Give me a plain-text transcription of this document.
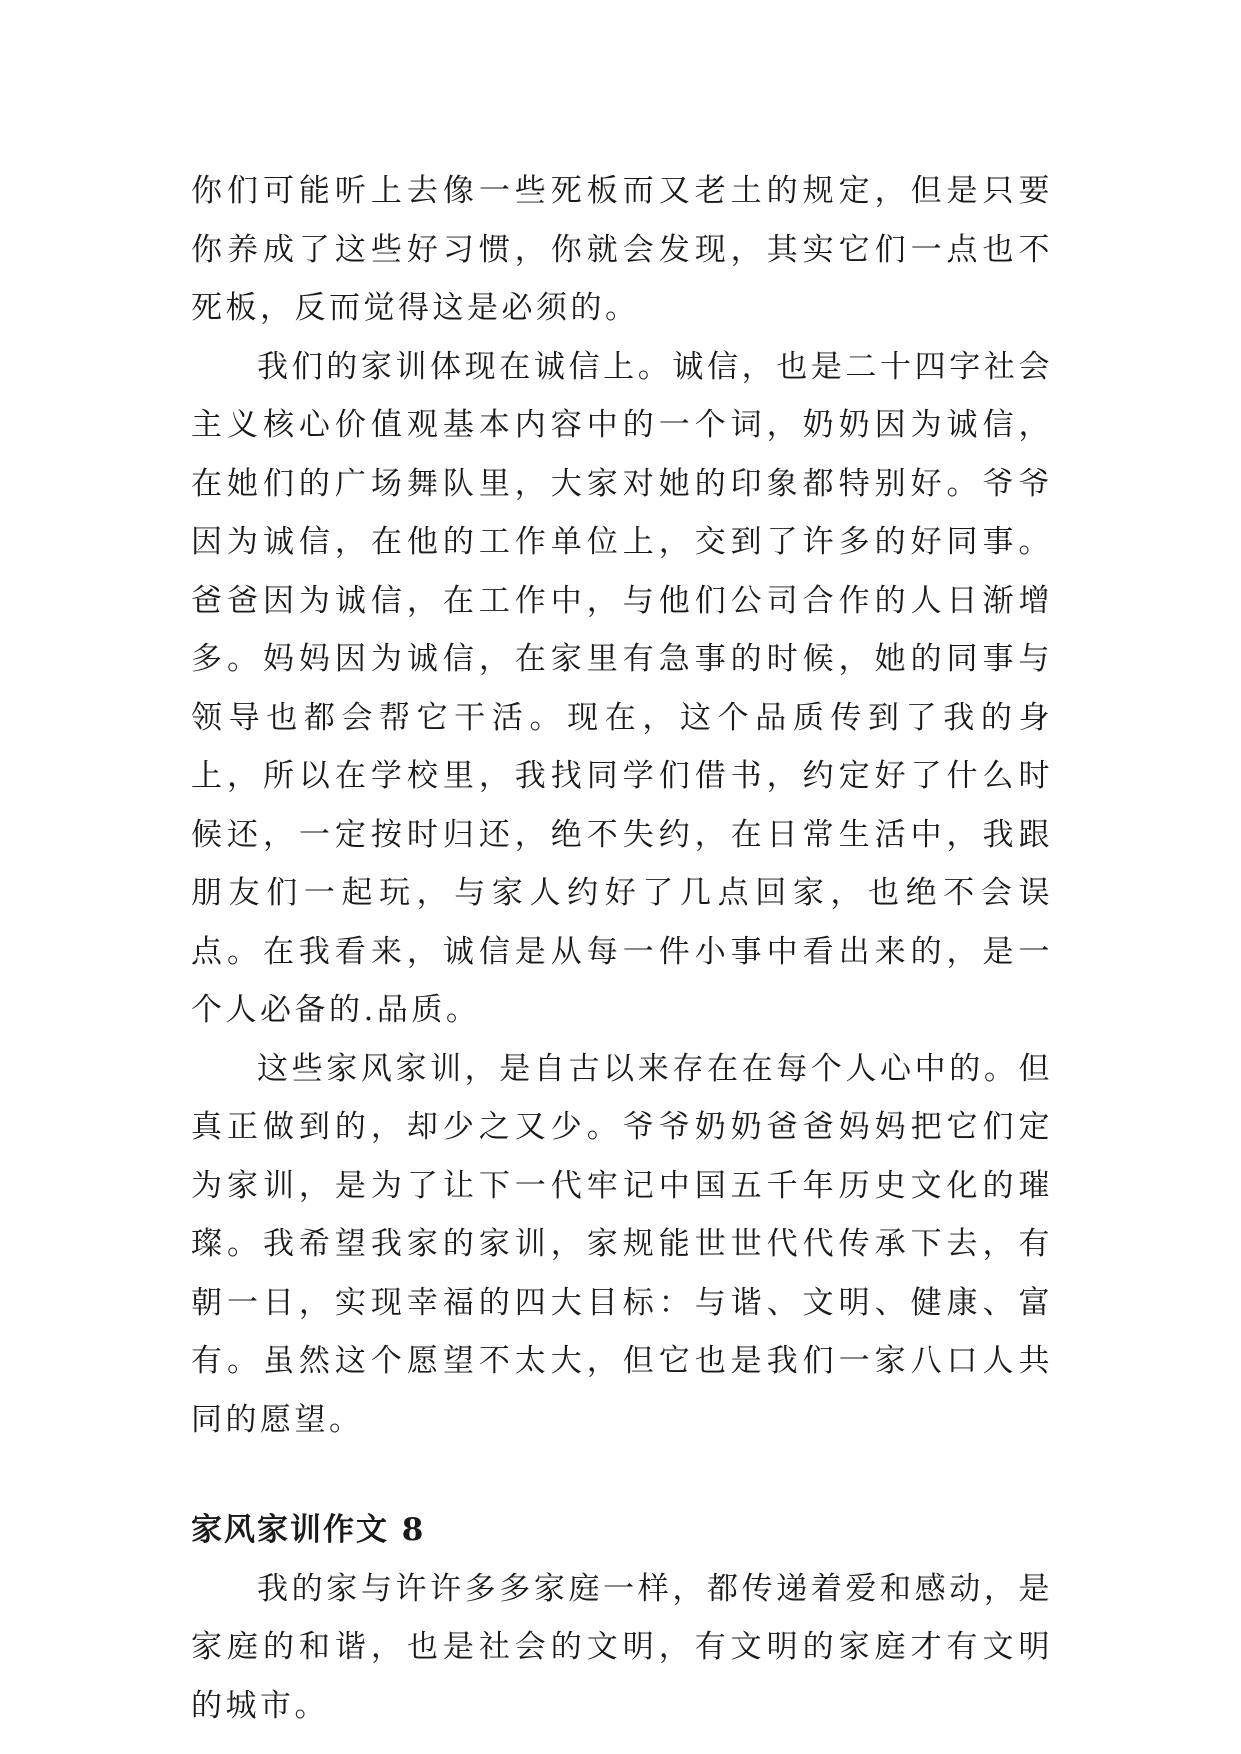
你们可能听上去像一些死板而又老土的规定，但是只要你养成了这些好习惯，你就会发现，其实它们一点也不死板，反而觉得这是必须的。

我们的家训体现在诚信上。诚信，也是二十四字社会主义核心价值观基本内容中的一个词，奶奶因为诚信，在她们的广场舞队里，大家对她的印象都特别好。爷爷因为诚信，在他的工作单位上，交到了许多的好同事。爸爸因为诚信，在工作中，与他们公司合作的人日渐增多。妈妈因为诚信，在家里有急事的时候，她的同事与领导也都会帮它干活。现在，这个品质传到了我的身上，所以在学校里，我找同学们借书，约定好了什么时候还，一定按时归还，绝不失约，在日常生活中，我跟朋友们一起玩，与家人约好了几点回家，也绝不会误点。在我看来，诚信是从每一件小事中看出来的，是一个人必备的.品质。

这些家风家训，是自古以来存在在每个人心中的。但真正做到的，却少之又少。爷爷奶奶爸爸妈妈把它们定为家训，是为了让下一代牢记中国五千年历史文化的璀璨。我希望我家的家训，家规能世世代代传承下去，有朝一日，实现幸福的四大目标：与谐、文明、健康、富有。虽然这个愿望不太大，但它也是我们一家八口人共同的愿望。

家风家训作文 8

我的家与许许多多家庭一样，都传递着爱和感动，是家庭的和谐，也是社会的文明，有文明的家庭才有文明的城市。
